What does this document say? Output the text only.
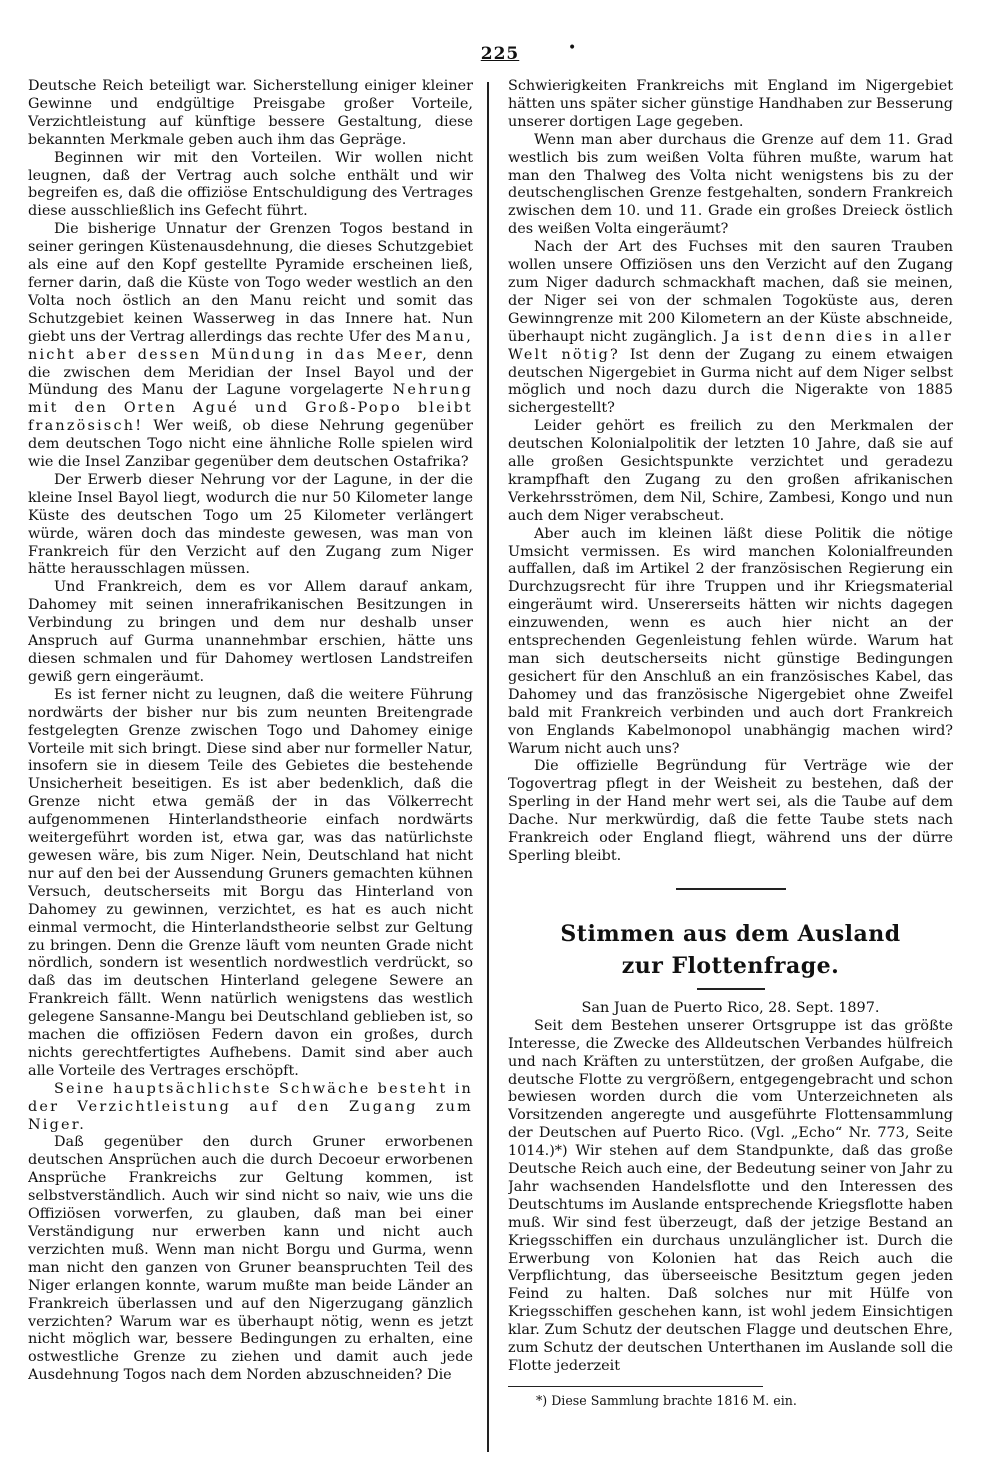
225	•

Deutsche Reich beteiligt war. Sicherstellung einiger kleiner Gewinne und endgültige Preisgabe großer Vorteile, Verzichtleistung auf künftige bessere Gestaltung, diese bekannten Merkmale geben auch ihm das Gepräge.

Beginnen wir mit den Vorteilen. Wir wollen nicht leugnen, daß der Vertrag auch solche enthält und wir begreifen es, daß die offiziöse Entschuldigung des Vertrages diese ausschließlich ins Gefecht führt.

Die bisherige Unnatur der Grenzen Togos bestand in seiner geringen Küstenausdehnung, die dieses Schutzgebiet als eine auf den Kopf gestellte Pyramide erscheinen ließ, ferner darin, daß die Küste von Togo weder westlich an den Volta noch östlich an den Manu reicht und somit das Schutzgebiet keinen Wasserweg in das Innere hat. Nun giebt uns der Vertrag allerdings das rechte Ufer des Manu, nicht aber dessen Mündung in das Meer, denn die zwischen dem Meridian der Insel Bayol und der Mündung des Manu der Lagune vorgelagerte Nehrung mit den Orten Agué und Groß-Popo bleibt französisch! Wer weiß, ob diese Nehrung gegenüber dem deutschen Togo nicht eine ähnliche Rolle spielen wird wie die Insel Zanzibar gegenüber dem deutschen Ostafrika?

Der Erwerb dieser Nehrung vor der Lagune, in der die kleine Insel Bayol liegt, wodurch die nur 50 Kilometer lange Küste des deutschen Togo um 25 Kilometer verlängert würde, wären doch das mindeste gewesen, was man von Frankreich für den Verzicht auf den Zugang zum Niger hätte herausschlagen müssen.

Und Frankreich, dem es vor Allem darauf ankam, Dahomey mit seinen innerafrikanischen Besitzungen in Verbindung zu bringen und dem nur deshalb unser Anspruch auf Gurma unannehmbar erschien, hätte uns diesen schmalen und für Dahomey wertlosen Landstreifen gewiß gern eingeräumt.

Es ist ferner nicht zu leugnen, daß die weitere Führung nordwärts der bisher nur bis zum neunten Breitengrade festgelegten Grenze zwischen Togo und Dahomey einige Vorteile mit sich bringt. Diese sind aber nur formeller Natur, insofern sie in diesem Teile des Gebietes die bestehende Unsicherheit beseitigen. Es ist aber bedenklich, daß die Grenze nicht etwa gemäß der in das Völkerrecht aufgenommenen Hinterlandstheorie einfach nordwärts weitergeführt worden ist, etwa gar, was das natürlichste gewesen wäre, bis zum Niger. Nein, Deutschland hat nicht nur auf den bei der Aussendung Gruners gemachten kühnen Versuch, deutscherseits mit Borgu das Hinterland von Dahomey zu gewinnen, verzichtet, es hat es auch nicht einmal vermocht, die Hinterlandstheorie selbst zur Geltung zu bringen. Denn die Grenze läuft vom neunten Grade nicht nördlich, sondern ist wesentlich nordwestlich verdrückt, so daß das im deutschen Hinterland gelegene Sewere an Frankreich fällt. Wenn natürlich wenigstens das westlich gelegene Sansanne-Mangu bei Deutschland geblieben ist, so machen die offiziösen Federn davon ein großes, durch nichts gerechtfertigtes Aufhebens. Damit sind aber auch alle Vorteile des Vertrages erschöpft.

Seine hauptsächlichste Schwäche besteht in der Verzichtleistung auf den Zugang zum Niger.

Daß gegenüber den durch Gruner erworbenen deutschen Ansprüchen auch die durch Decoeur erworbenen Ansprüche Frankreichs zur Geltung kommen, ist selbstverständlich. Auch wir sind nicht so naiv, wie uns die Offiziösen vorwerfen, zu glauben, daß man bei einer Verständigung nur erwerben kann und nicht auch verzichten muß. Wenn man nicht Borgu und Gurma, wenn man nicht den ganzen von Gruner beanspruchten Teil des Niger erlangen konnte, warum mußte man beide Länder an Frankreich überlassen und auf den Nigerzugang gänzlich verzichten? Warum war es überhaupt nötig, wenn es jetzt nicht möglich war, bessere Bedingungen zu erhalten, eine ostwestliche Grenze zu ziehen und damit auch jede Ausdehnung Togos nach dem Norden abzuschneiden? Die

Schwierigkeiten Frankreichs mit England im Nigergebiet hätten uns später sicher günstige Handhaben zur Besserung unserer dortigen Lage gegeben.

Wenn man aber durchaus die Grenze auf dem 11. Grad westlich bis zum weißen Volta führen mußte, warum hat man den Thalweg des Volta nicht wenigstens bis zu der deutschenglischen Grenze festgehalten, sondern Frankreich zwischen dem 10. und 11. Grade ein großes Dreieck östlich des weißen Volta eingeräumt?

Nach der Art des Fuchses mit den sauren Trauben wollen unsere Offiziösen uns den Verzicht auf den Zugang zum Niger dadurch schmackhaft machen, daß sie meinen, der Niger sei von der schmalen Togoküste aus, deren Gewinngrenze mit 200 Kilometern an der Küste abschneide, überhaupt nicht zugänglich. Ja ist denn dies in aller Welt nötig? Ist denn der Zugang zu einem etwaigen deutschen Nigergebiet in Gurma nicht auf dem Niger selbst möglich und noch dazu durch die Nigerakte von 1885 sichergestellt?

Leider gehört es freilich zu den Merkmalen der deutschen Kolonialpolitik der letzten 10 Jahre, daß sie auf alle großen Gesichtspunkte verzichtet und geradezu krampfhaft den Zugang zu den großen afrikanischen Verkehrsströmen, dem Nil, Schire, Zambesi, Kongo und nun auch dem Niger verabscheut.

Aber auch im kleinen läßt diese Politik die nötige Umsicht vermissen. Es wird manchen Kolonialfreunden auffallen, daß im Artikel 2 der französischen Regierung ein Durchzugsrecht für ihre Truppen und ihr Kriegsmaterial eingeräumt wird. Unsererseits hätten wir nichts dagegen einzuwenden, wenn es auch hier nicht an der entsprechenden Gegenleistung fehlen würde. Warum hat man sich deutscherseits nicht günstige Bedingungen gesichert für den Anschluß an ein französisches Kabel, das Dahomey und das französische Nigergebiet ohne Zweifel bald mit Frankreich verbinden und auch dort Frankreich von Englands Kabelmonopol unabhängig machen wird? Warum nicht auch uns?

Die offizielle Begründung für Verträge wie der Togovertrag pflegt in der Weisheit zu bestehen, daß der Sperling in der Hand mehr wert sei, als die Taube auf dem Dache. Nur merkwürdig, daß die fette Taube stets nach Frankreich oder England fliegt, während uns der dürre Sperling bleibt.

Stimmen aus dem Ausland

zur Flottenfrage.

San Juan de Puerto Rico, 28. Sept. 1897.

Seit dem Bestehen unserer Ortsgruppe ist das größte Interesse, die Zwecke des Alldeutschen Verbandes hülfreich und nach Kräften zu unterstützen, der großen Aufgabe, die deutsche Flotte zu vergrößern, entgegengebracht und schon bewiesen worden durch die vom Unterzeichneten als Vorsitzenden angeregte und ausgeführte Flottensammlung der Deutschen auf Puerto Rico. (Vgl. „Echo“ Nr. 773, Seite 1014.)*) Wir stehen auf dem Standpunkte, daß das große Deutsche Reich auch eine, der Bedeutung seiner von Jahr zu Jahr wachsenden Handelsflotte und den Interessen des Deutschtums im Auslande entsprechende Kriegsflotte haben muß. Wir sind fest überzeugt, daß der jetzige Bestand an Kriegsschiffen ein durchaus unzulänglicher ist. Durch die Erwerbung von Kolonien hat das Reich auch die Verpflichtung, das überseeische Besitztum gegen jeden Feind zu halten. Daß solches nur mit Hülfe von Kriegsschiffen geschehen kann, ist wohl jedem Einsichtigen klar. Zum Schutz der deutschen Flagge und deutschen Ehre, zum Schutz der deutschen Unterthanen im Auslande soll die Flotte jederzeit

*) Diese Sammlung brachte 1816 M. ein.
